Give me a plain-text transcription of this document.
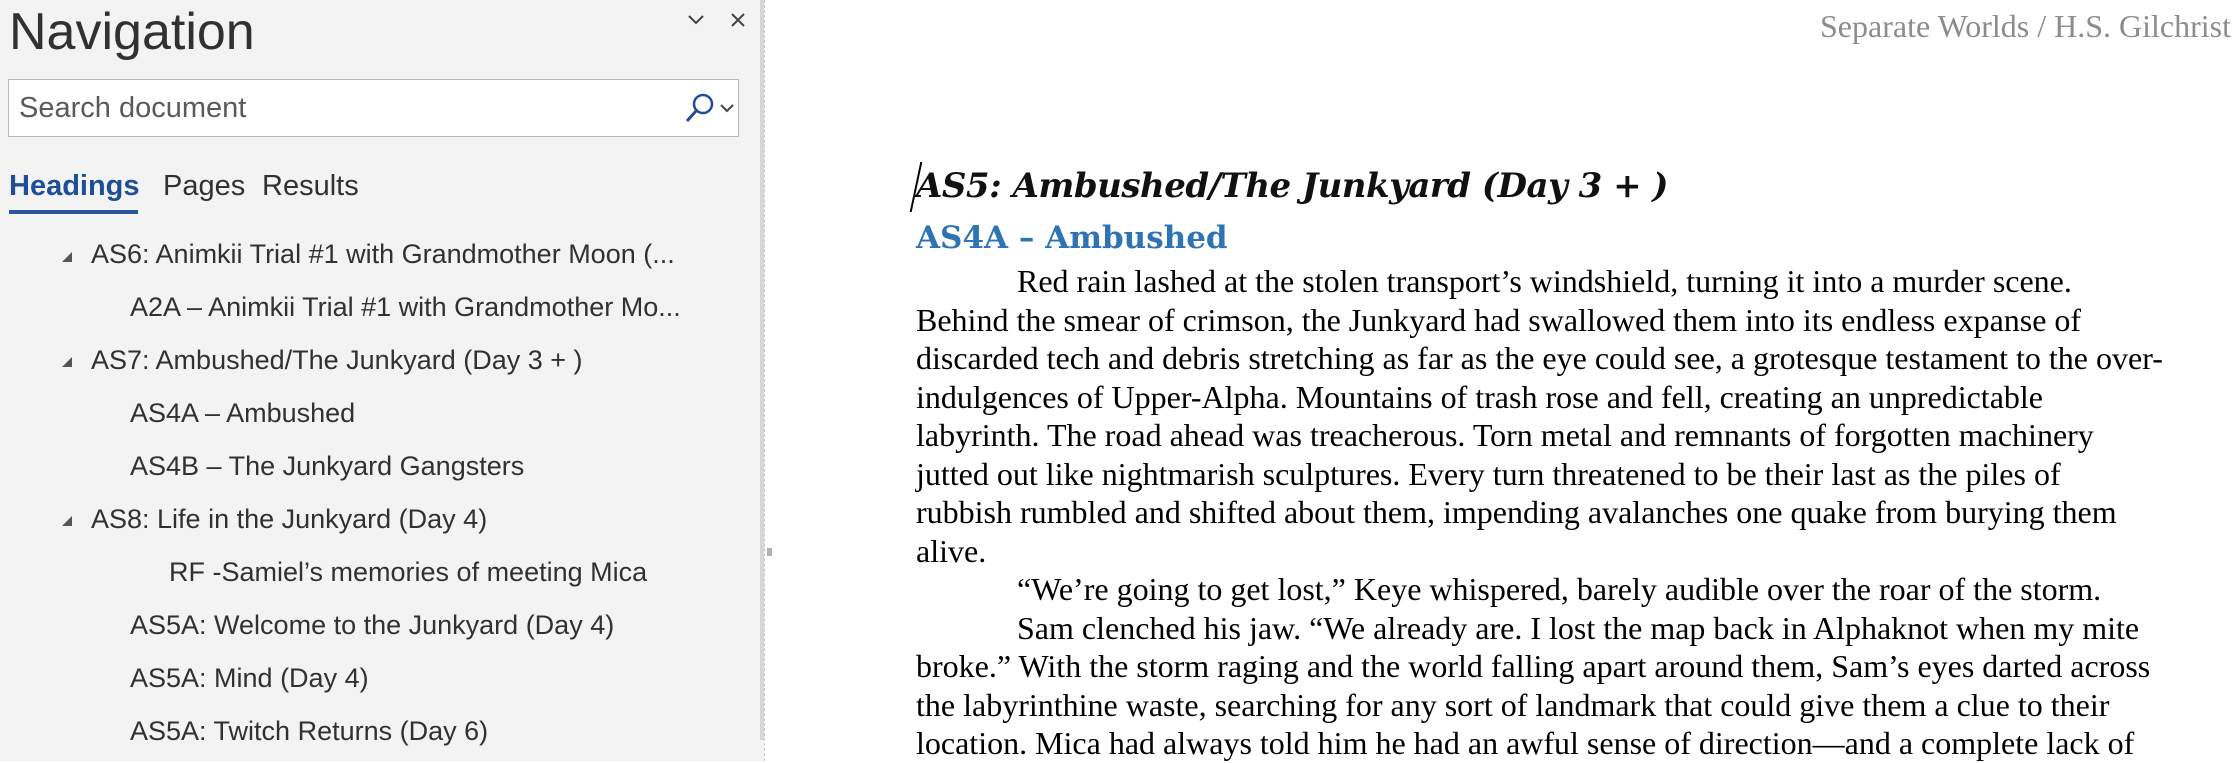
Navigation
Search document
Headings Pages Results
AS6: Animkii Trial #1 with Grandmother Moon (...
A2A – Animkii Trial #1 with Grandmother Mo...
AS7: Ambushed/The Junkyard (Day 3 + )
AS4A – Ambushed
AS4B – The Junkyard Gangsters
AS8: Life in the Junkyard (Day 4)
RF -Samiel’s memories of meeting Mica
AS5A: Welcome to the Junkyard (Day 4)
AS5A: Mind (Day 4)
AS5A: Twitch Returns (Day 6)
Separate Worlds / H.S. Gilchrist
AS5: Ambushed/The Junkyard (Day 3 + )
AS4A – Ambushed
Red rain lashed at the stolen transport’s windshield, turning it into a murder scene.
Behind the smear of crimson, the Junkyard had swallowed them into its endless expanse of
discarded tech and debris stretching as far as the eye could see, a grotesque testament to the over-
indulgences of Upper-Alpha. Mountains of trash rose and fell, creating an unpredictable
labyrinth. The road ahead was treacherous. Torn metal and remnants of forgotten machinery
jutted out like nightmarish sculptures. Every turn threatened to be their last as the piles of
rubbish rumbled and shifted about them, impending avalanches one quake from burying them
alive.
“We’re going to get lost,” Keye whispered, barely audible over the roar of the storm.
Sam clenched his jaw. “We already are. I lost the map back in Alphaknot when my mite
broke.” With the storm raging and the world falling apart around them, Sam’s eyes darted across
the labyrinthine waste, searching for any sort of landmark that could give them a clue to their
location. Mica had always told him he had an awful sense of direction—and a complete lack of
